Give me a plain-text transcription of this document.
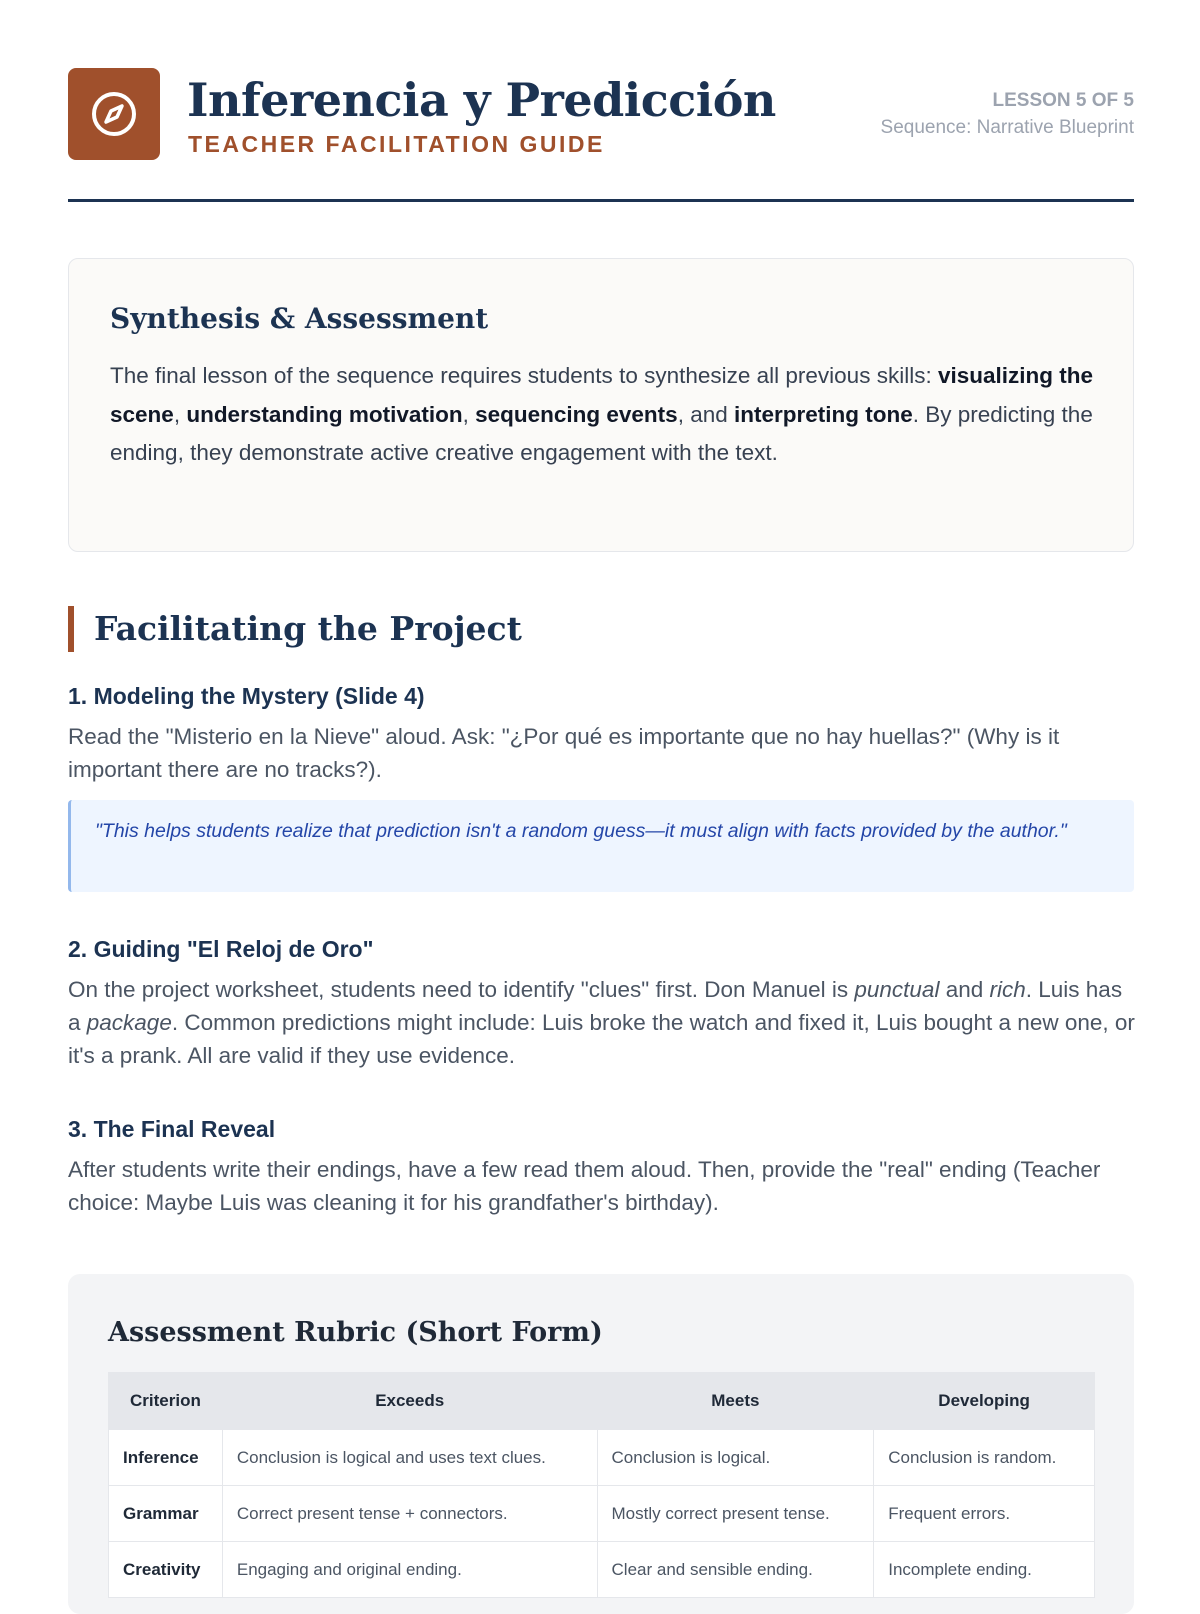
Inferencia y Predicción
TEACHER FACILITATION GUIDE
LESSON 5 OF 5
Sequence: Narrative Blueprint
Synthesis & Assessment

The final lesson of the sequence requires students to synthesize all previous skills: visualizing the scene, understanding motivation, sequencing events, and interpreting tone. By predicting the ending, they demonstrate active creative engagement with the text.

Facilitating the Project
1. Modeling the Mystery (Slide 4)

Read the "Misterio en la Nieve" aloud. Ask: "¿Por qué es importante que no hay huellas?" (Why is it important there are no tracks?).

"This helps students realize that prediction isn't a random guess—it must align with facts provided by the author."

2. Guiding "El Reloj de Oro"

On the project worksheet, students need to identify "clues" first. Don Manuel is punctual and rich. Luis has a package. Common predictions might include: Luis broke the watch and fixed it, Luis bought a new one, or it's a prank. All are valid if they use evidence.

3. The Final Reveal

After students write their endings, have a few read them aloud. Then, provide the "real" ending (Teacher choice: Maybe Luis was cleaning it for his grandfather's birthday).

Assessment Rubric (Short Form)
Criterion	Exceeds	Meets	Developing
Inference	Conclusion is logical and uses text clues.	Conclusion is logical.	Conclusion is random.
Grammar	Correct present tense + connectors.	Mostly correct present tense.	Frequent errors.
Creativity	Engaging and original ending.	Clear and sensible ending.	Incomplete ending.
